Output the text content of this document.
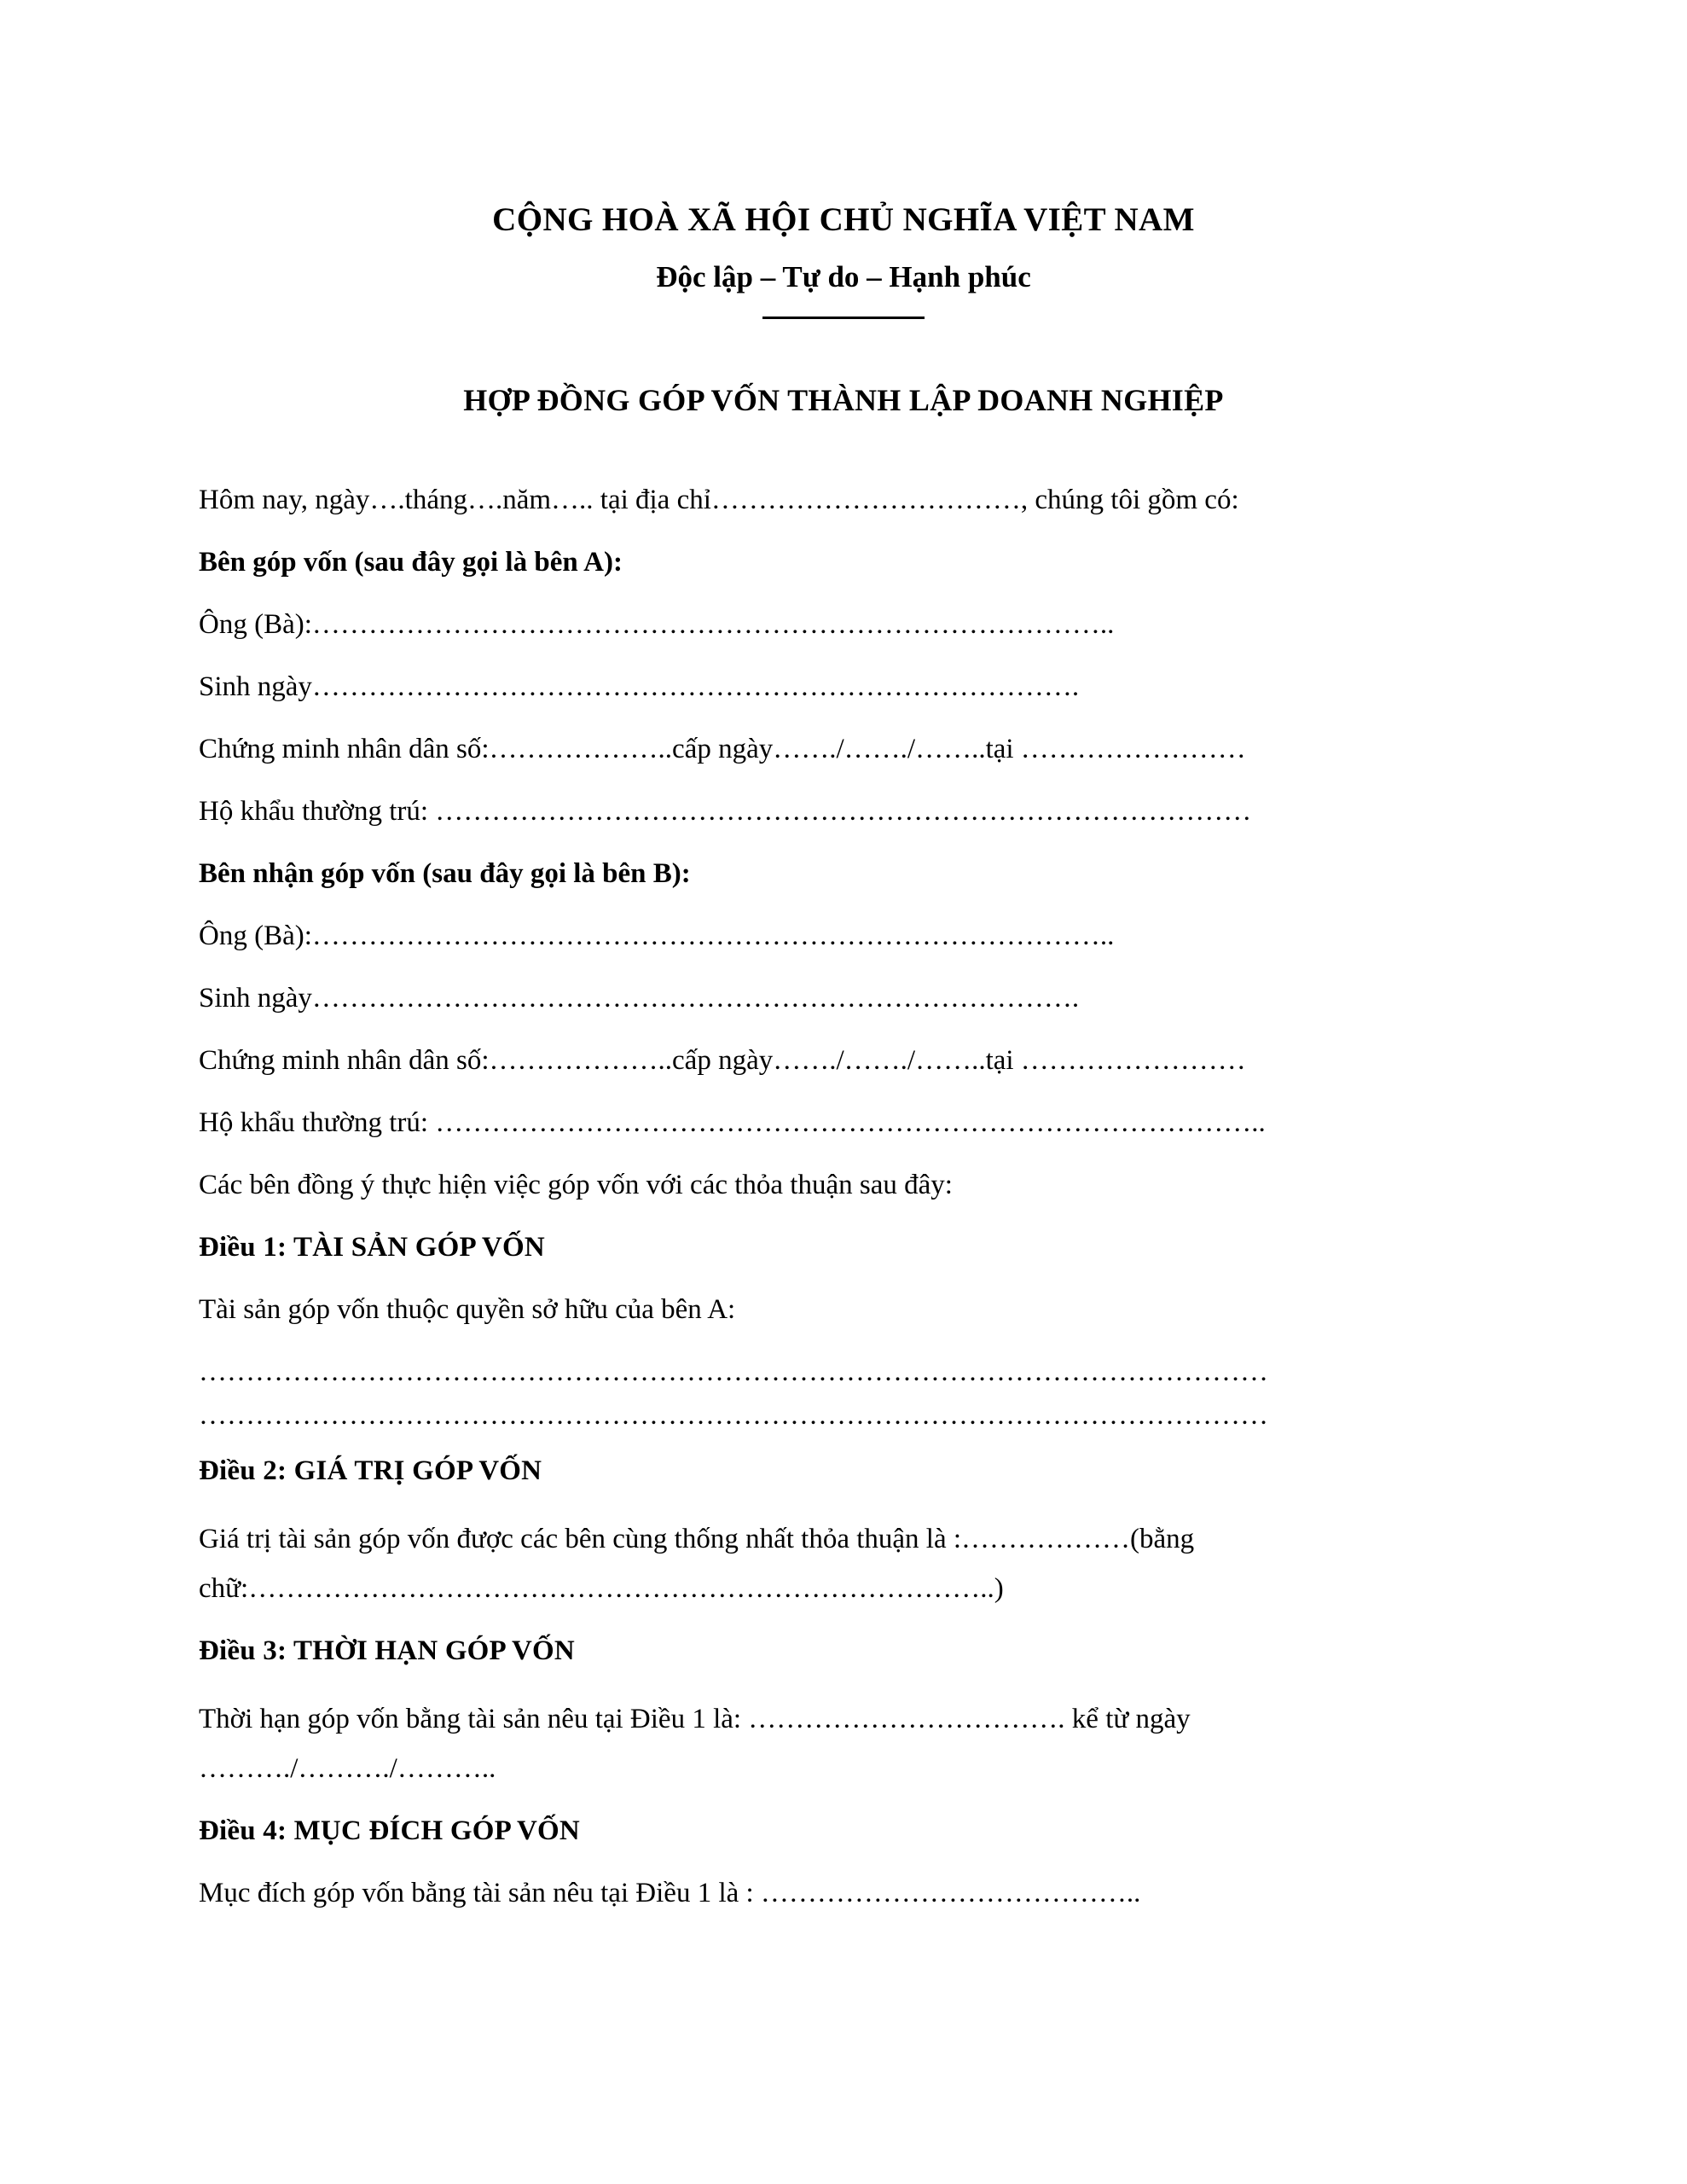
CỘNG HOÀ XÃ HỘI CHỦ NGHĨA VIỆT NAM
Độc lập – Tự do – Hạnh phúc
HỢP ĐỒNG GÓP VỐN THÀNH LẬP DOANH NGHIỆP
Hôm nay, ngày….tháng….năm….. tại địa chỉ……………………………, chúng tôi gồm có:
Bên góp vốn (sau đây gọi là bên A):
Ông (Bà):…………………………………………………………………………..
Sinh ngày……………………………………………………………………….
Chứng minh nhân dân số:………………..cấp ngày……./……./……..tại ……………………
Hộ khẩu thường trú: ……………………………………………………………………………
Bên nhận góp vốn (sau đây gọi là bên B):
Ông (Bà):…………………………………………………………………………..
Sinh ngày……………………………………………………………………….
Chứng minh nhân dân số:………………..cấp ngày……./……./……..tại ……………………
Hộ khẩu thường trú: ……………………………………………………………………………..
Các bên đồng ý thực hiện việc góp vốn với các thỏa thuận sau đây:
Điều 1: TÀI SẢN GÓP VỐN
Tài sản góp vốn thuộc quyền sở hữu của bên A:
……………………………………………………………………………………………………
……………………………………………………………………………………………………
Điều 2: GIÁ TRỊ GÓP VỐN
Giá trị tài sản góp vốn được các bên cùng thống nhất thỏa thuận là :………………(bằng
chữ:……………………………………………………………………..)
Điều 3: THỜI HẠN GÓP VỐN
Thời hạn góp vốn bằng tài sản nêu tại Điều 1 là: ……………………………. kể từ ngày
………./………./………..
Điều 4: MỤC ĐÍCH GÓP VỐN
Mục đích góp vốn bằng tài sản nêu tại Điều 1 là : …………………………………..
